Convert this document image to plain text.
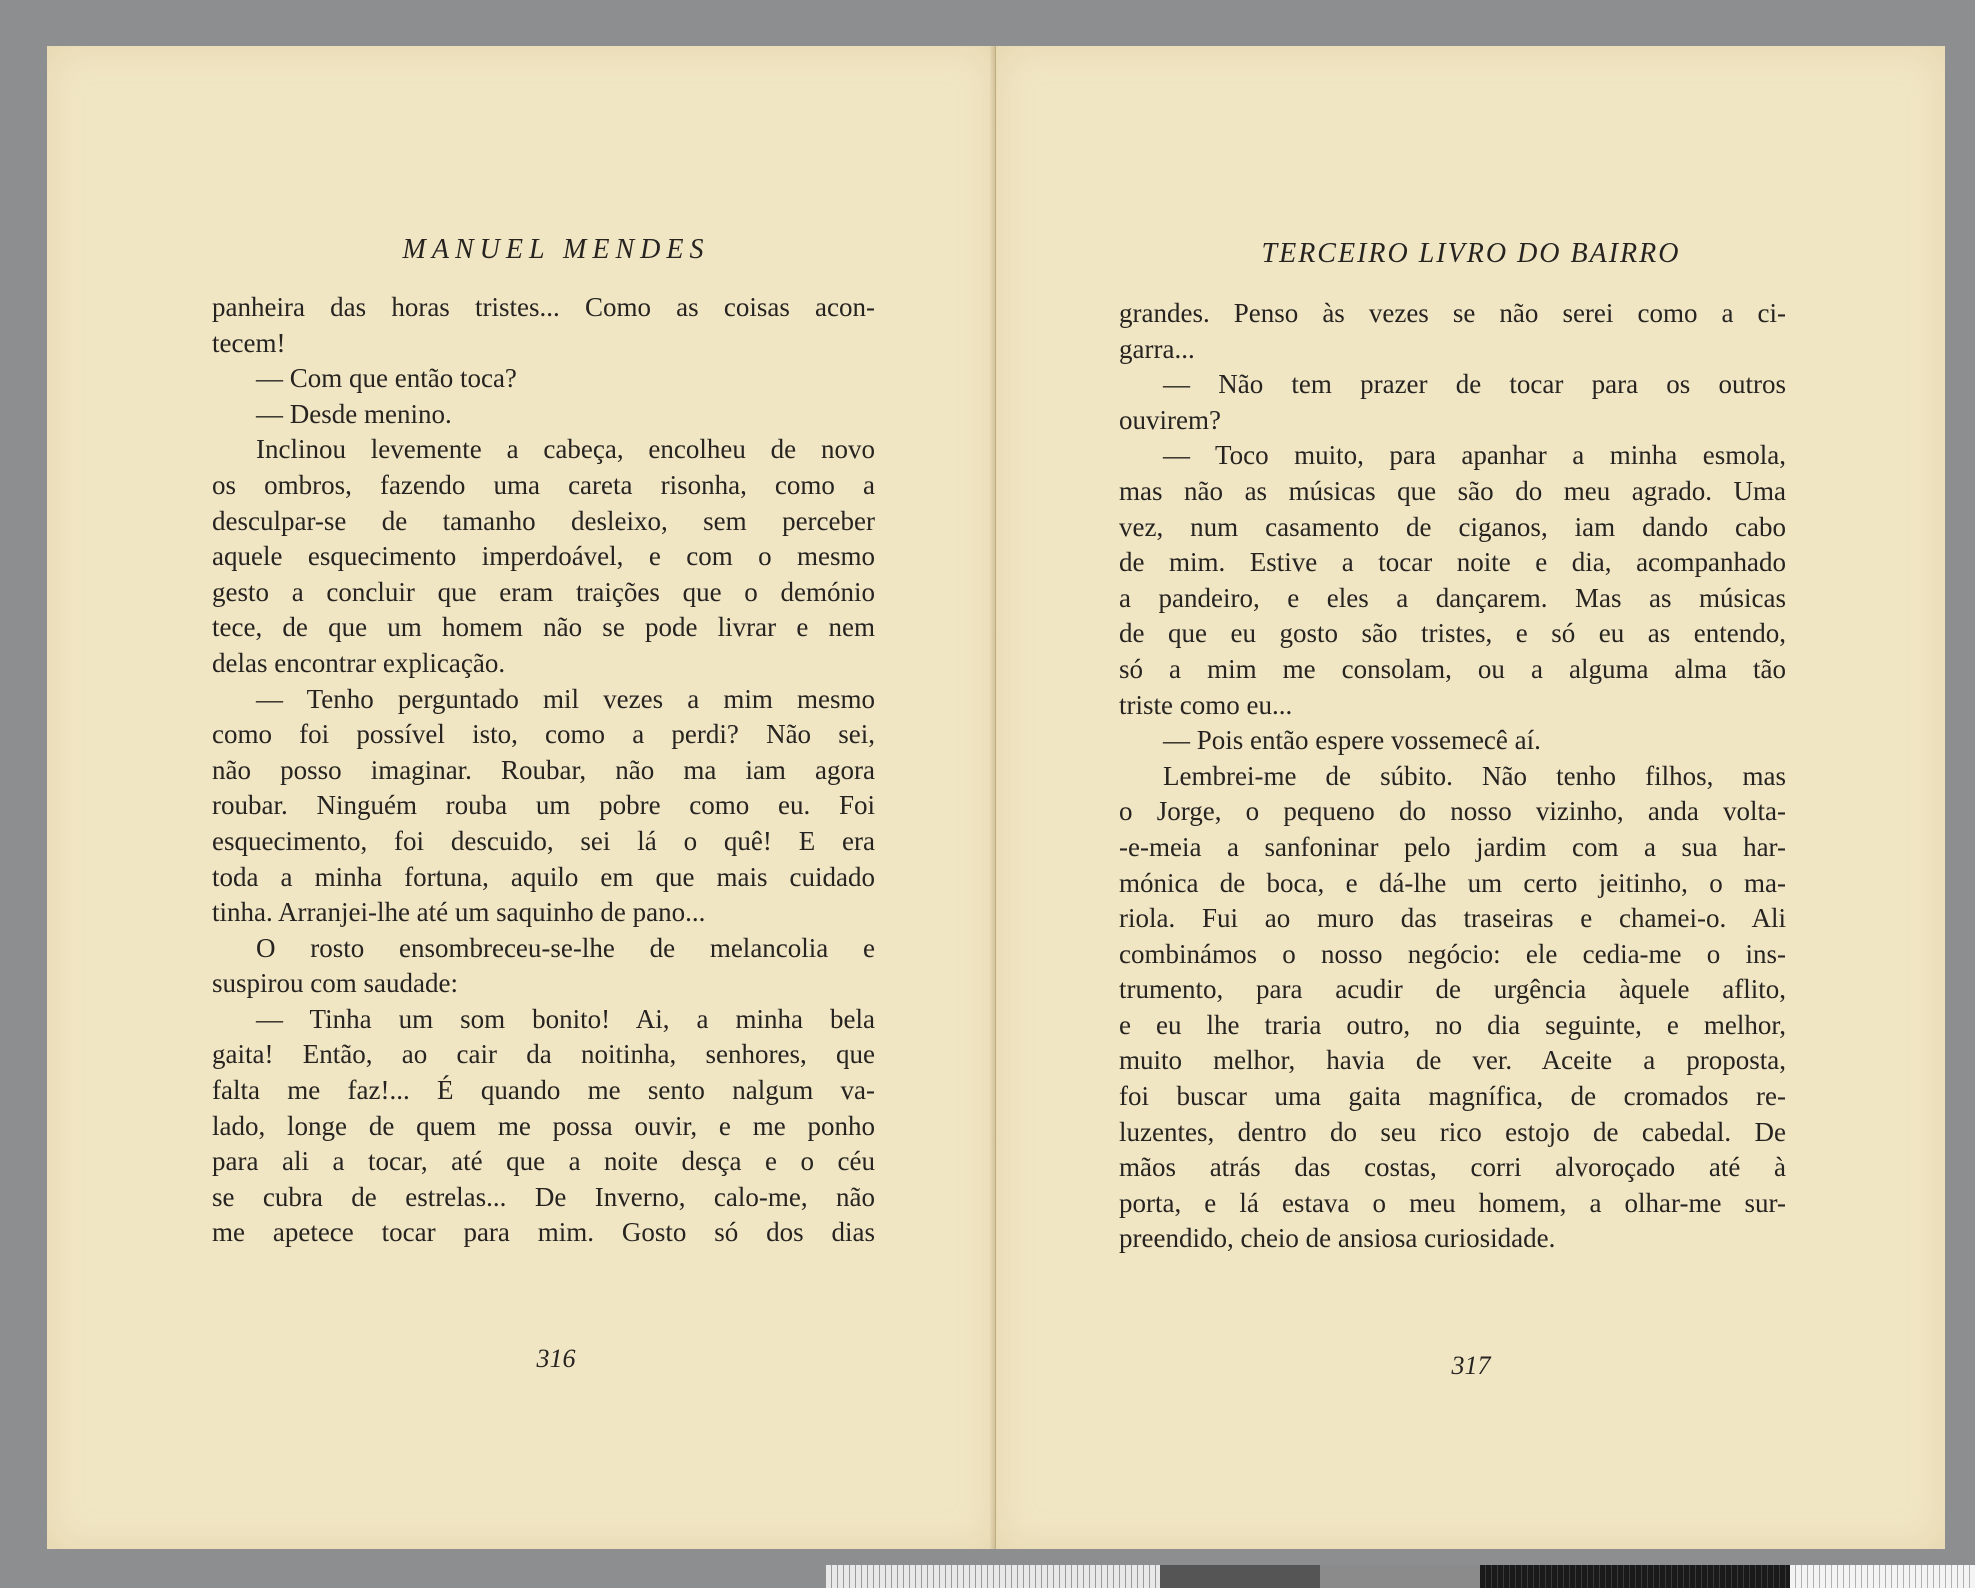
MANUEL MENDES
panheira das horas tristes... Como as coisas acon-
tecem!
— Com que então toca?
— Desde menino.
Inclinou levemente a cabeça, encolheu de novo
os ombros, fazendo uma careta risonha, como a
desculpar-se de tamanho desleixo, sem perceber
aquele esquecimento imperdoável, e com o mesmo
gesto a concluir que eram traições que o demónio
tece, de que um homem não se pode livrar e nem
delas encontrar explicação.
— Tenho perguntado mil vezes a mim mesmo
como foi possível isto, como a perdi? Não sei,
não posso imaginar. Roubar, não ma iam agora
roubar. Ninguém rouba um pobre como eu. Foi
esquecimento, foi descuido, sei lá o quê! E era
toda a minha fortuna, aquilo em que mais cuidado
tinha. Arranjei-lhe até um saquinho de pano...
O rosto ensombreceu-se-lhe de melancolia e
suspirou com saudade:
— Tinha um som bonito! Ai, a minha bela
gaita! Então, ao cair da noitinha, senhores, que
falta me faz!... É quando me sento nalgum va-
lado, longe de quem me possa ouvir, e me ponho
para ali a tocar, até que a noite desça e o céu
se cubra de estrelas... De Inverno, calo-me, não
me apetece tocar para mim. Gosto só dos dias
316
TERCEIRO LIVRO DO BAIRRO
grandes. Penso às vezes se não serei como a ci-
garra...
— Não tem prazer de tocar para os outros
ouvirem?
— Toco muito, para apanhar a minha esmola,
mas não as músicas que são do meu agrado. Uma
vez, num casamento de ciganos, iam dando cabo
de mim. Estive a tocar noite e dia, acompanhado
a pandeiro, e eles a dançarem. Mas as músicas
de que eu gosto são tristes, e só eu as entendo,
só a mim me consolam, ou a alguma alma tão
triste como eu...
— Pois então espere vossemecê aí.
Lembrei-me de súbito. Não tenho filhos, mas
o Jorge, o pequeno do nosso vizinho, anda volta-
-e-meia a sanfoninar pelo jardim com a sua har-
mónica de boca, e dá-lhe um certo jeitinho, o ma-
riola. Fui ao muro das traseiras e chamei-o. Ali
combinámos o nosso negócio: ele cedia-me o ins-
trumento, para acudir de urgência àquele aflito,
e eu lhe traria outro, no dia seguinte, e melhor,
muito melhor, havia de ver. Aceite a proposta,
foi buscar uma gaita magnífica, de cromados re-
luzentes, dentro do seu rico estojo de cabedal. De
mãos atrás das costas, corri alvoroçado até à
porta, e lá estava o meu homem, a olhar-me sur-
preendido, cheio de ansiosa curiosidade.
317
